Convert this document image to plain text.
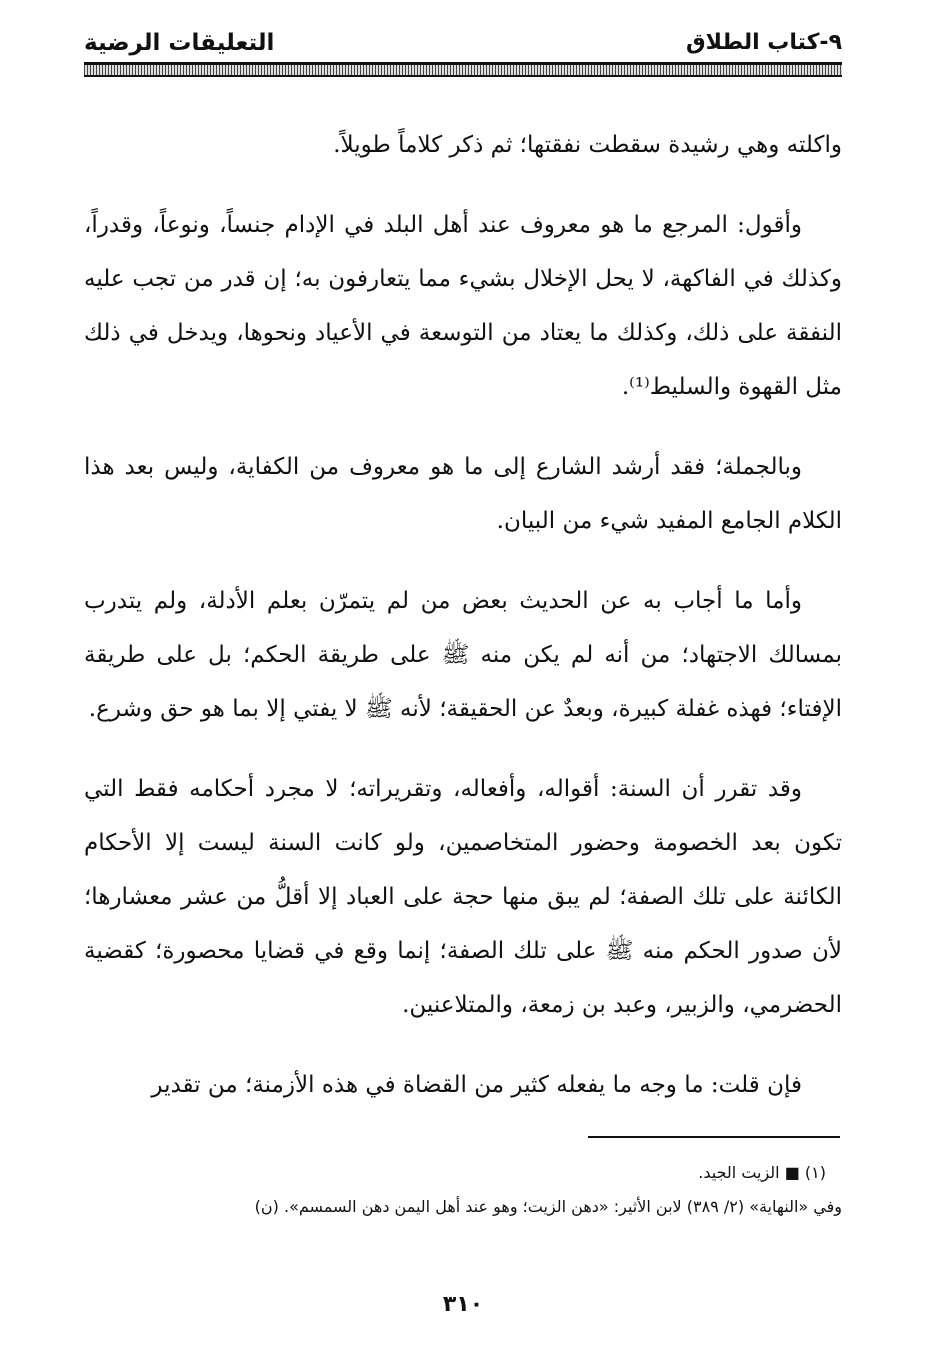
٩-كتاب الطلاق
التعليقات الرضية

واكلته وهي رشيدة سقطت نفقتها؛ ثم ذكر كلاماً طويلاً.

وأقول: المرجع ما هو معروف عند أهل البلد في الإدام جنساً، ونوعاً، وقدراً، وكذلك في الفاكهة، لا يحل الإخلال بشيء مما يتعارفون به؛ إن قدر من تجب عليه النفقة على ذلك، وكذلك ما يعتاد من التوسعة في الأعياد ونحوها، ويدخل في ذلك مثل القهوة والسليط⁽¹⁾.

وبالجملة؛ فقد أرشد الشارع إلى ما هو معروف من الكفاية، وليس بعد هذا الكلام الجامع المفيد شيء من البيان.

وأما ما أجاب به عن الحديث بعض من لم يتمرّن بعلم الأدلة، ولم يتدرب بمسالك الاجتهاد؛ من أنه لم يكن منه ﷺ على طريقة الحكم؛ بل على طريقة الإفتاء؛ فهذه غفلة كبيرة، وبعدٌ عن الحقيقة؛ لأنه ﷺ لا يفتي إلا بما هو حق وشرع.

وقد تقرر أن السنة: أقواله، وأفعاله، وتقريراته؛ لا مجرد أحكامه فقط التي تكون بعد الخصومة وحضور المتخاصمين، ولو كانت السنة ليست إلا الأحكام الكائنة على تلك الصفة؛ لم يبق منها حجة على العباد إلا أقلُّ من عشر معشارها؛ لأن صدور الحكم منه ﷺ على تلك الصفة؛ إنما وقع في قضايا محصورة؛ كقضية الحضرمي، والزبير، وعبد بن زمعة، والمتلاعنين.

فإن قلت: ما وجه ما يفعله كثير من القضاة في هذه الأزمنة؛ من تقدير

(١) ■ الزيت الجيد.

وفي «النهاية» (٢/ ٣٨٩) لابن الأثير: «دهن الزيت؛ وهو عند أهل اليمن دهن السمسم». (ن)

٣١٠
